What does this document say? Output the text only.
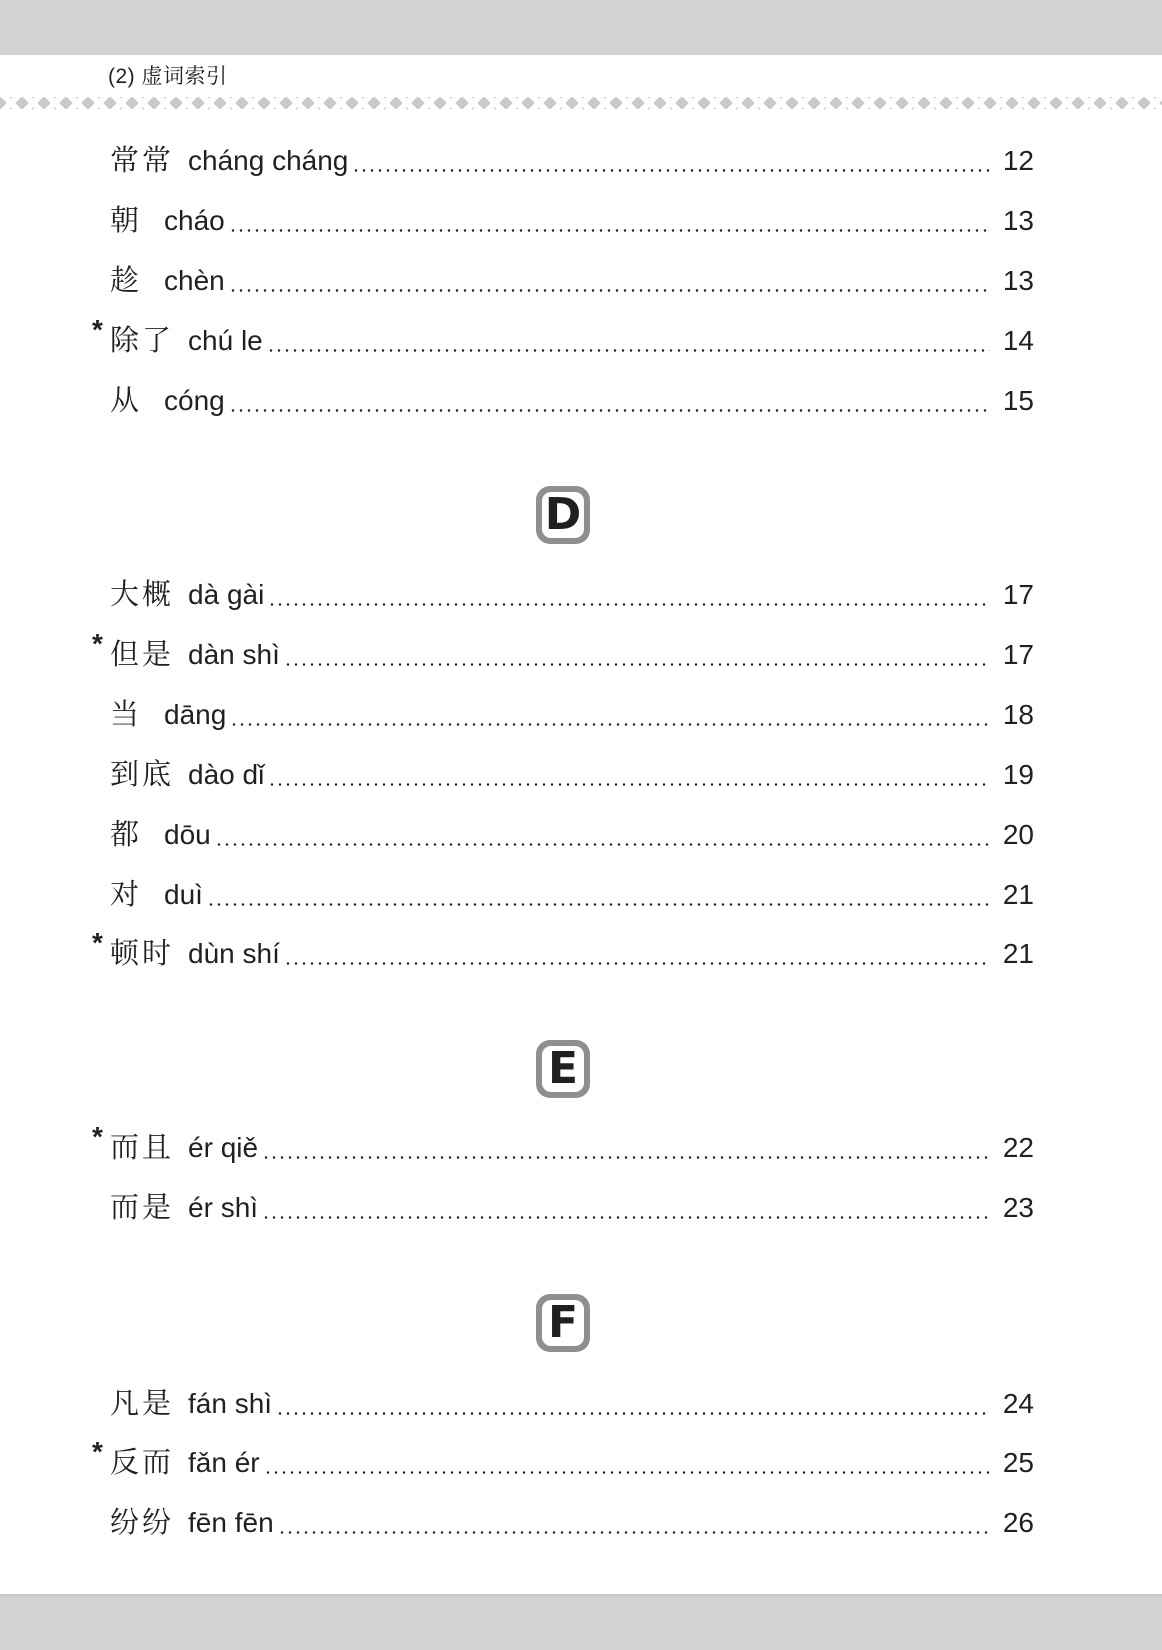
(2) 虚词索引
常常 cháng cháng	12
朝 cháo	13
趁 chèn	13
* 除了 chú le	14
从 cóng	15
D
大概 dà gài	17
* 但是 dàn shì	17
当 dāng	18
到底 dào dǐ	19
都 dōu	20
对 duì	21
* 顿时 dùn shí	21
E
* 而且 ér qiě	22
而是 ér shì	23
F
凡是 fán shì	24
* 反而 fǎn ér	25
纷纷 fēn fēn	26
